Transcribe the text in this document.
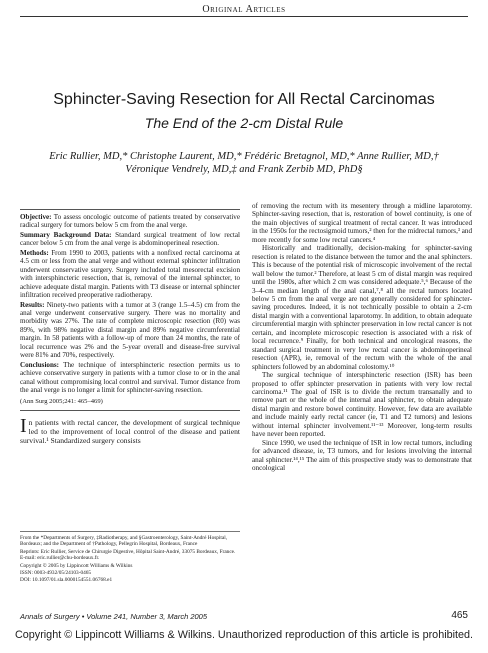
Original Articles
Sphincter-Saving Resection for All Rectal Carcinomas
The End of the 2-cm Distal Rule
Eric Rullier, MD,* Christophe Laurent, MD,* Frédéric Bretagnol, MD,* Anne Rullier, MD,†
Véronique Vendrely, MD,‡ and Frank Zerbib MD, PhD§

Objective: To assess oncologic outcome of patients treated by conservative radical surgery for tumors below 5 cm from the anal verge.

Summary Background Data: Standard surgical treatment of low rectal cancer below 5 cm from the anal verge is abdominoperineal resection.

Methods: From 1990 to 2003, patients with a nonfixed rectal carcinoma at 4.5 cm or less from the anal verge and without external sphincter infiltration underwent conservative surgery. Surgery included total mesorectal excision with intersphincteric resection, that is, removal of the internal sphincter, to achieve adequate distal margin. Patients with T3 disease or internal sphincter infiltration received preoperative radiotherapy.

Results: Ninety-two patients with a tumor at 3 (range 1.5–4.5) cm from the anal verge underwent conservative surgery. There was no mortality and morbidity was 27%. The rate of complete microscopic resection (R0) was 89%, with 98% negative distal margin and 89% negative circumferential margin. In 58 patients with a follow-up of more than 24 months, the rate of local recurrence was 2% and the 5-year overall and disease-free survival were 81% and 70%, respectively.

Conclusions: The technique of intersphincteric resection permits us to achieve conservative surgery in patients with a tumor close to or in the anal canal without compromising local control and survival. Tumor distance from the anal verge is no longer a limit for sphincter-saving resection.

(Ann Surg 2005;241: 465–469)

In patients with rectal cancer, the development of surgical technique led to the improvement of local control of the disease and patient survival.¹ Standardized surgery consists

From the *Departments of Surgery, ‡Radiotherapy, and §Gastroenterology, Saint-André Hospital, Bordeaux; and the Department of †Pathology, Pellegrin Hospital, Bordeaux, France

Reprints: Eric Rullier, Service de Chirurgie Digestive, Hôpital Saint-André, 33075 Bordeaux, France. E-mail: eric.rullier@chu-bordeaux.fr.

Copyright © 2005 by Lippincott Williams & Wilkins

ISSN: 0003-4932/05/24103-0465

DOI: 10.1097/01.sla.0000154551.06768.e1

of removing the rectum with its mesentery through a midline laparotomy. Sphincter-saving resection, that is, restoration of bowel continuity, is one of the main objectives of surgical treatment of rectal cancer. It was introduced in the 1950s for the rectosigmoid tumors,² then for the midrectal tumors,³ and more recently for some low rectal cancers.⁴

Historically and traditionally, decision-making for sphincter-saving resection is related to the distance between the tumor and the anal sphincters. This is because of the potential risk of microscopic involvement of the rectal wall below the tumor.² Therefore, at least 5 cm of distal margin was required until the 1980s, after which 2 cm was considered adequate.⁵,⁶ Because of the 3–4-cm median length of the anal canal,⁷,⁸ all the rectal tumors located below 5 cm from the anal verge are not generally considered for sphincter-saving procedures. Indeed, it is not technically possible to obtain a 2-cm distal margin with a conventional laparotomy. In addition, to obtain adequate circumferential margin with sphincter preservation in low rectal cancer is not certain, and incomplete microscopic resection is associated with a risk of local recurrence.⁹ Finally, for both technical and oncological reasons, the standard surgical treatment in very low rectal cancer is abdominoperineal resection (APR), ie, removal of the rectum with the whole of the anal sphincters followed by an abdominal colostomy.¹⁰

The surgical technique of intersphincteric resection (ISR) has been proposed to offer sphincter preservation in patients with very low rectal carcinoma.¹¹ The goal of ISR is to divide the rectum transanally and to remove part or the whole of the internal anal sphincter, to obtain adequate distal margin and restore bowel continuity. However, few data are available and include mainly early rectal cancer (ie, T1 and T2 tumors) and lesions without internal sphincter involvement.¹¹⁻¹³ Moreover, long-term results have never been reported.

Since 1990, we used the technique of ISR in low rectal tumors, including for advanced disease, ie, T3 tumors, and for lesions involving the internal anal sphincter.¹⁴,¹⁵ The aim of this prospective study was to demonstrate that oncological

Annals of Surgery • Volume 241, Number 3, March 2005	465
Copyright © Lippincott Williams & Wilkins. Unauthorized reproduction of this article is prohibited.
